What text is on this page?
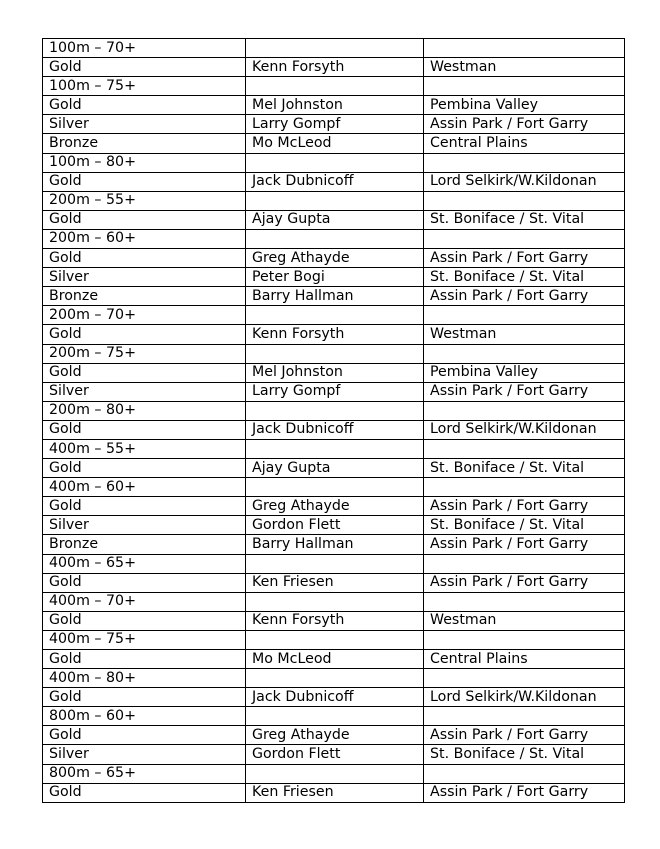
100m – 70+		
Gold	Kenn Forsyth	Westman
100m – 75+		
Gold	Mel Johnston	Pembina Valley
Silver	Larry Gompf	Assin Park / Fort Garry
Bronze	Mo McLeod	Central Plains
100m – 80+		
Gold	Jack Dubnicoff	Lord Selkirk/W.Kildonan
200m – 55+		
Gold	Ajay Gupta	St. Boniface / St. Vital
200m – 60+		
Gold	Greg Athayde	Assin Park / Fort Garry
Silver	Peter Bogi	St. Boniface / St. Vital
Bronze	Barry Hallman	Assin Park / Fort Garry
200m – 70+		
Gold	Kenn Forsyth	Westman
200m – 75+		
Gold	Mel Johnston	Pembina Valley
Silver	Larry Gompf	Assin Park / Fort Garry
200m – 80+		
Gold	Jack Dubnicoff	Lord Selkirk/W.Kildonan
400m – 55+		
Gold	Ajay Gupta	St. Boniface / St. Vital
400m – 60+		
Gold	Greg Athayde	Assin Park / Fort Garry
Silver	Gordon Flett	St. Boniface / St. Vital
Bronze	Barry Hallman	Assin Park / Fort Garry
400m – 65+		
Gold	Ken Friesen	Assin Park / Fort Garry
400m – 70+		
Gold	Kenn Forsyth	Westman
400m – 75+		
Gold	Mo McLeod	Central Plains
400m – 80+		
Gold	Jack Dubnicoff	Lord Selkirk/W.Kildonan
800m – 60+		
Gold	Greg Athayde	Assin Park / Fort Garry
Silver	Gordon Flett	St. Boniface / St. Vital
800m – 65+		
Gold	Ken Friesen	Assin Park / Fort Garry
